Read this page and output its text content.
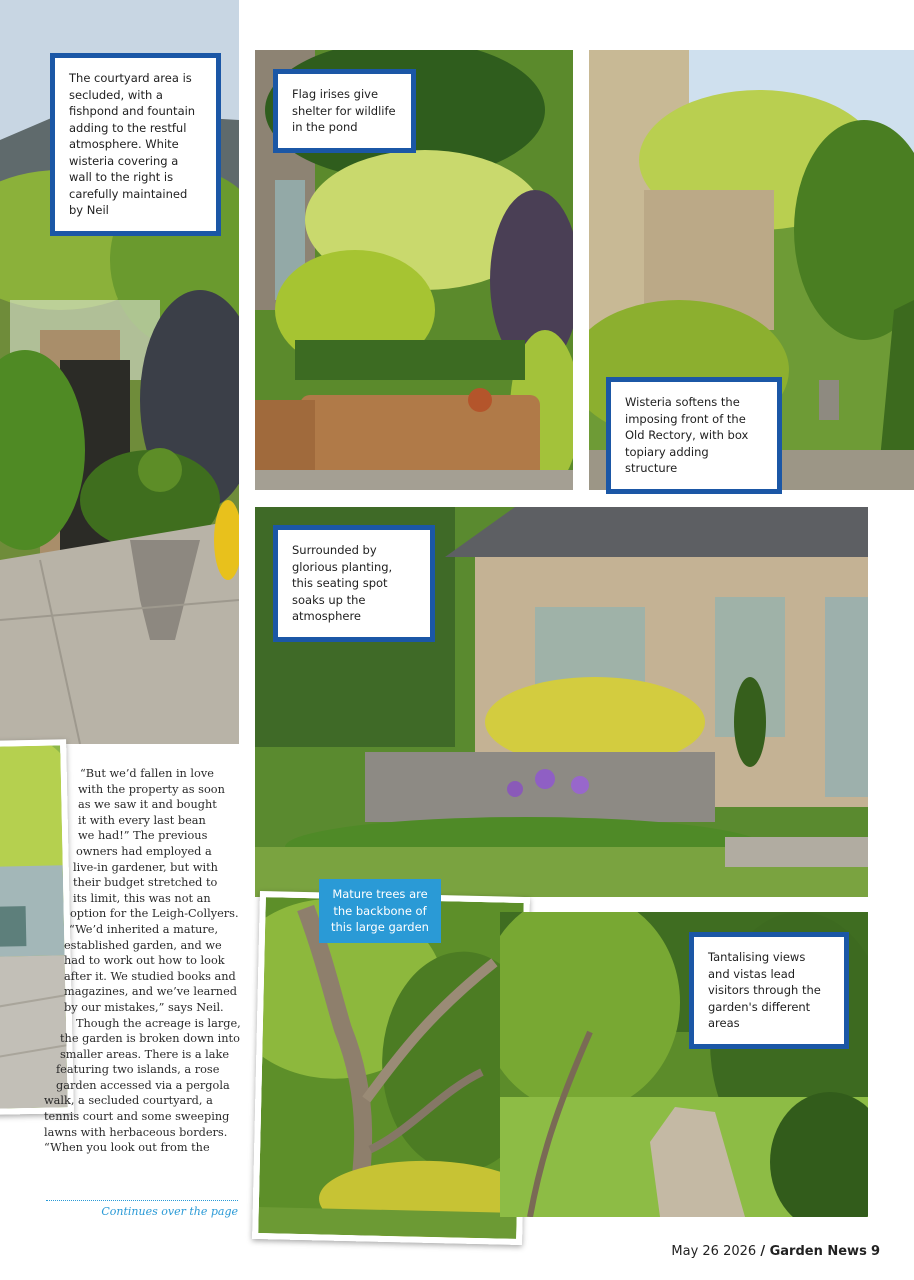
The courtyard area is secluded, with a fishpond and fountain adding to the restful atmosphere. White wisteria covering a wall to the right is carefully maintained by Neil
Flag irises give shelter for wildlife in the pond
Wisteria softens the imposing front of the Old Rectory, with box topiary adding structure
Surrounded by glorious planting, this seating spot soaks up the atmosphere
Mature trees are the backbone of this large garden
Tantalising views and vistas lead visitors through the garden's different areas
“But we’d fallen in love
with the property as soon
as we saw it and bought
it with every last bean
we had!” The previous
owners had employed a
live-in gardener, but with
their budget stretched to
its limit, this was not an
option for the Leigh-Collyers.
“We’d inherited a mature,
established garden, and we
had to work out how to look
after it. We studied books and
magazines, and we’ve learned
by our mistakes,” says Neil.
Though the acreage is large,
the garden is broken down into
smaller areas. There is a lake
featuring two islands, a rose
garden accessed via a pergola
walk, a secluded courtyard, a
tennis court and some sweeping
lawns with herbaceous borders.
“When you look out from the
Continues over the page
May 26 2026 / Garden News 9
